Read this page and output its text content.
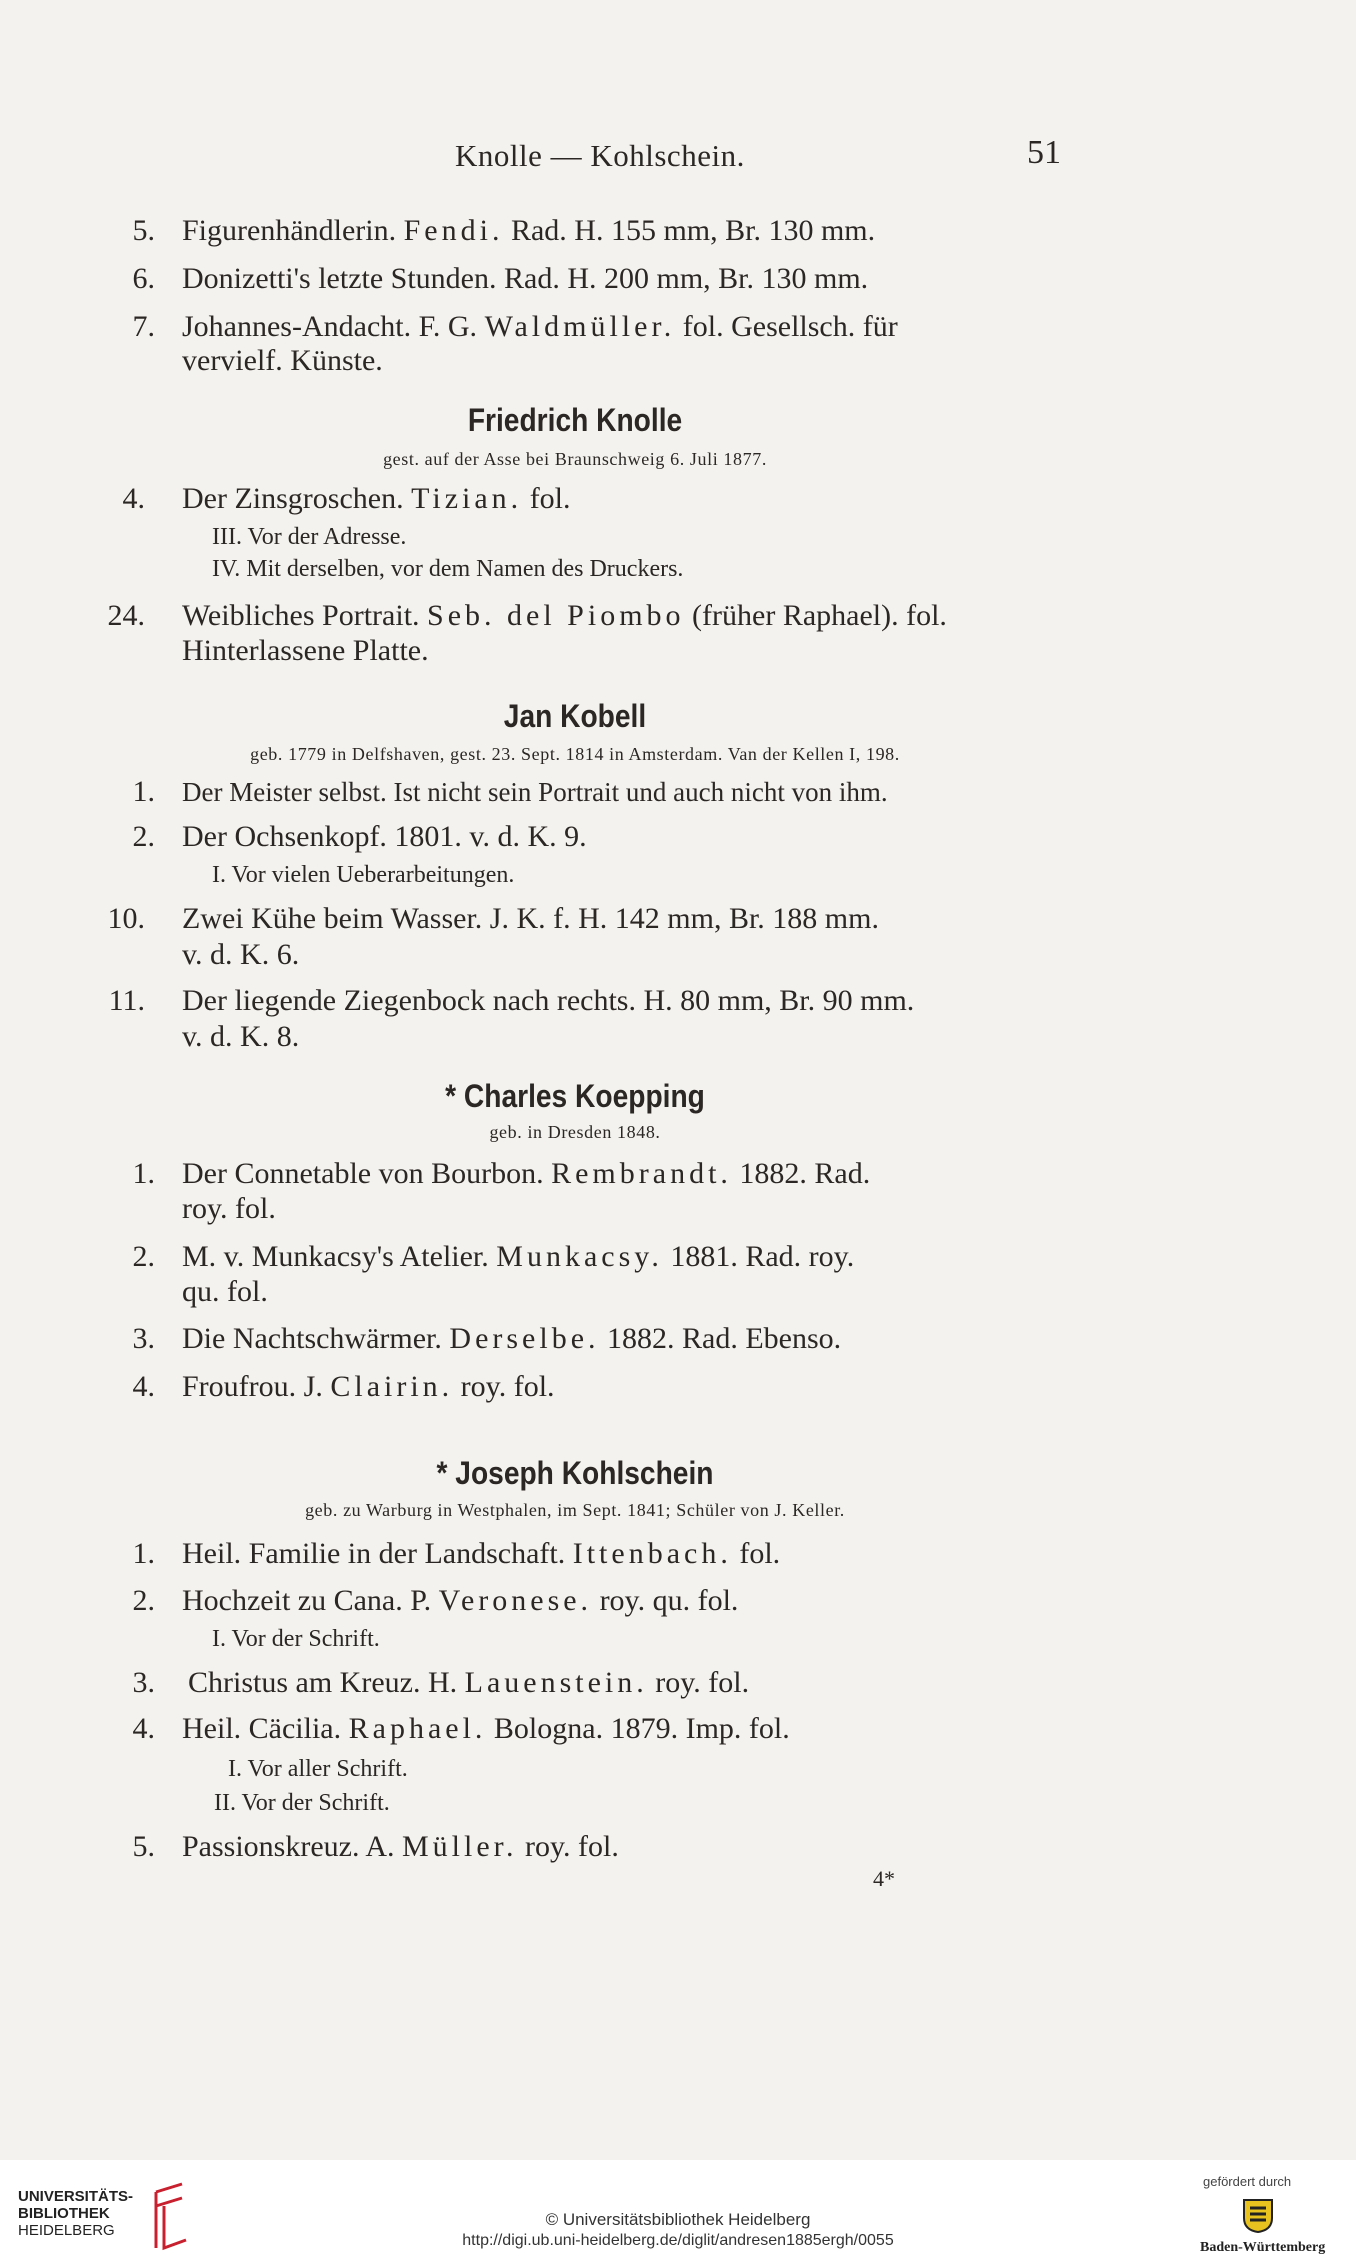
Knolle — Kohlschein.	51
5. Figurenhändlerin. Fendi. Rad. H. 155 mm, Br. 130 mm.
6. Donizetti's letzte Stunden. Rad. H. 200 mm, Br. 130 mm.
7. Johannes-Andacht. F. G. Waldmüller. fol. Gesellsch. für
vervielf. Künste.
Friedrich Knolle
gest. auf der Asse bei Braunschweig 6. Juli 1877.
4. Der Zinsgroschen. Tizian. fol.
III. Vor der Adresse.
IV. Mit derselben, vor dem Namen des Druckers.
24. Weibliches Portrait. Seb. del Piombo (früher Raphael). fol.
Hinterlassene Platte.
Jan Kobell
geb. 1779 in Delfshaven, gest. 23. Sept. 1814 in Amsterdam. Van der Kellen I, 198.
1. Der Meister selbst. Ist nicht sein Portrait und auch nicht von ihm.
2. Der Ochsenkopf. 1801. v. d. K. 9.
I. Vor vielen Ueberarbeitungen.
10. Zwei Kühe beim Wasser. J. K. f. H. 142 mm, Br. 188 mm.
v. d. K. 6.
11. Der liegende Ziegenbock nach rechts. H. 80 mm, Br. 90 mm.
v. d. K. 8.
* Charles Koepping
geb. in Dresden 1848.
1. Der Connetable von Bourbon. Rembrandt. 1882. Rad.
roy. fol.
2. M. v. Munkacsy's Atelier. Munkacsy. 1881. Rad. roy.
qu. fol.
3. Die Nachtschwärmer. Derselbe. 1882. Rad. Ebenso.
4. Froufrou. J. Clairin. roy. fol.
* Joseph Kohlschein
geb. zu Warburg in Westphalen, im Sept. 1841; Schüler von J. Keller.
1. Heil. Familie in der Landschaft. Ittenbach. fol.
2. Hochzeit zu Cana. P. Veronese. roy. qu. fol.
I. Vor der Schrift.
3. Christus am Kreuz. H. Lauenstein. roy. fol.
4. Heil. Cäcilia. Raphael. Bologna. 1879. Imp. fol.
I. Vor aller Schrift.
II. Vor der Schrift.
5. Passionskreuz. A. Müller. roy. fol.
4*
UNIVERSITÄTS-
BIBLIOTHEK
HEIDELBERG
© Universitätsbibliothek Heidelberg
http://digi.ub.uni-heidelberg.de/diglit/andresen1885ergh/0055
gefördert durch
Baden-Württemberg
